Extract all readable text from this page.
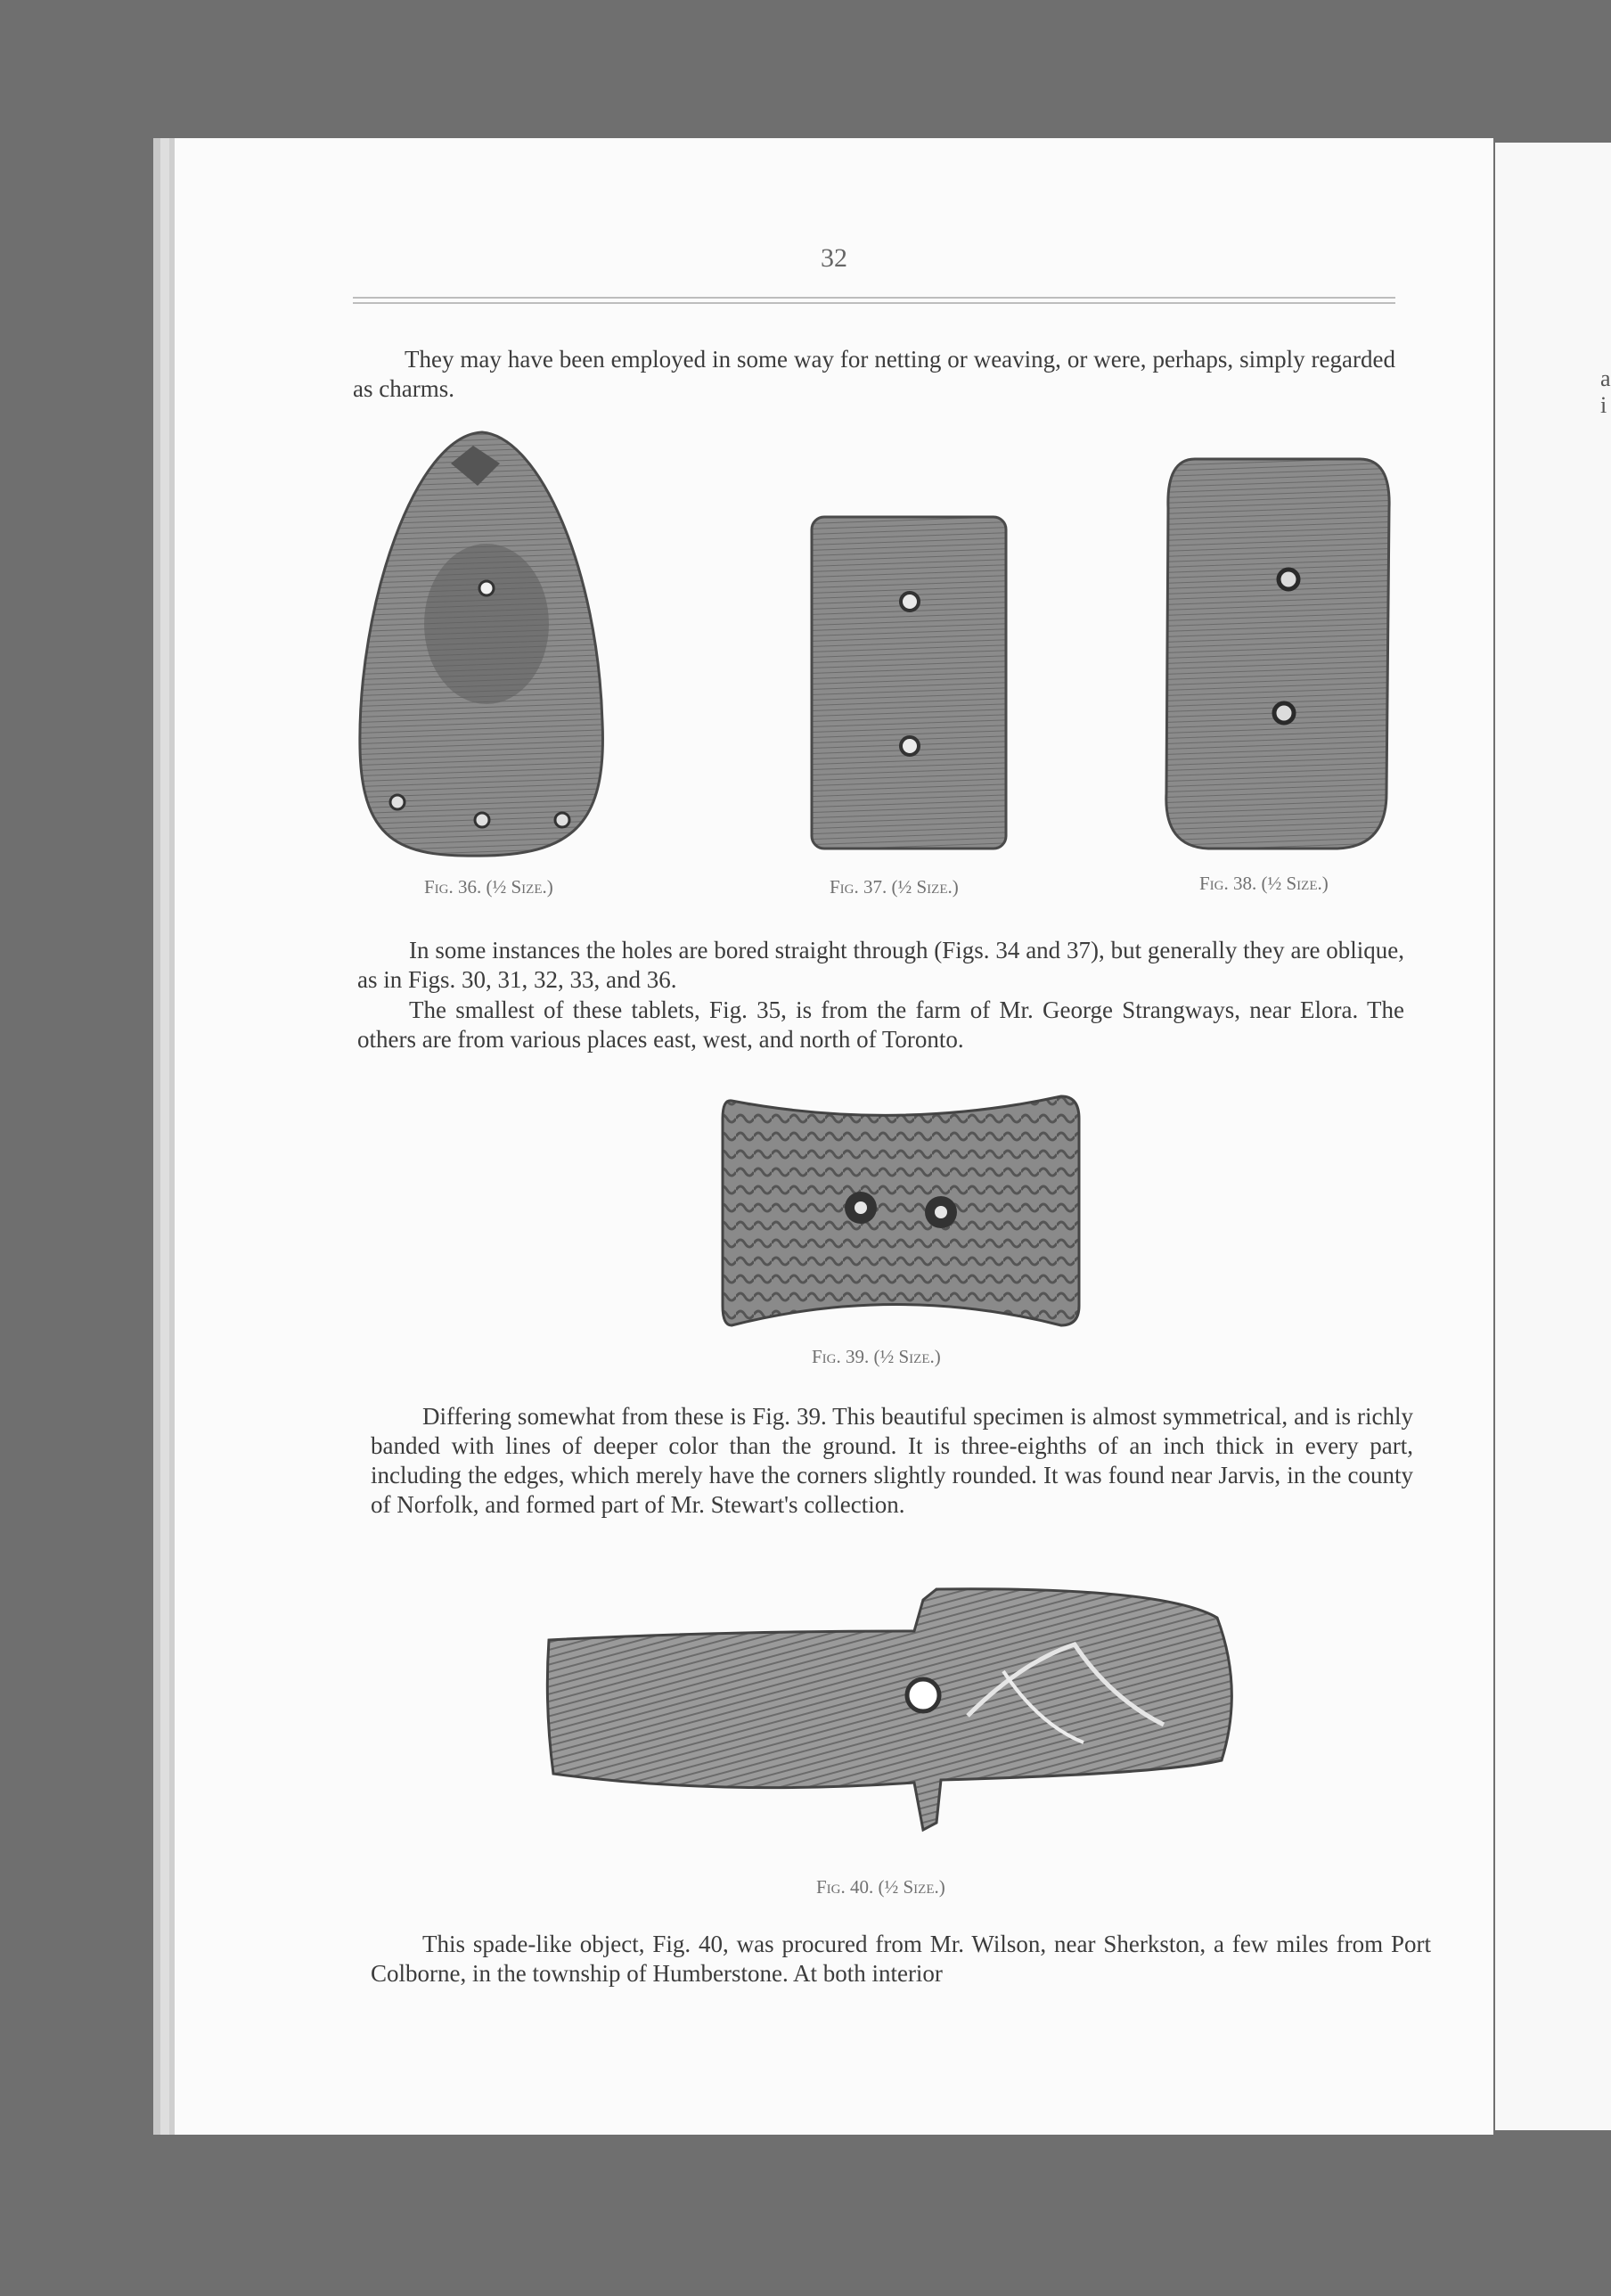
a
i
32
They may have been employed in some way for netting or weaving, or were, perhaps, simply regarded as charms.
Fig. 36. (½ Size.)	Fig. 37. (½ Size.)	Fig. 38. (½ Size.)
In some instances the holes are bored straight through (Figs. 34 and 37), but generally they are oblique, as in Figs. 30, 31, 32, 33, and 36.
The smallest of these tablets, Fig. 35, is from the farm of Mr. George Strangways, near Elora. The others are from various places east, west, and north of Toronto.
Fig. 39. (½ Size.)
Differing somewhat from these is Fig. 39. This beautiful specimen is almost symmetrical, and is richly banded with lines of deeper color than the ground. It is three-eighths of an inch thick in every part, including the edges, which merely have the corners slightly rounded. It was found near Jarvis, in the county of Norfolk, and formed part of Mr. Stewart's collection.
Fig. 40. (½ Size.)
This spade-like object, Fig. 40, was procured from Mr. Wilson, near Sherkston, a few miles from Port Colborne, in the township of Humberstone. At both interior
